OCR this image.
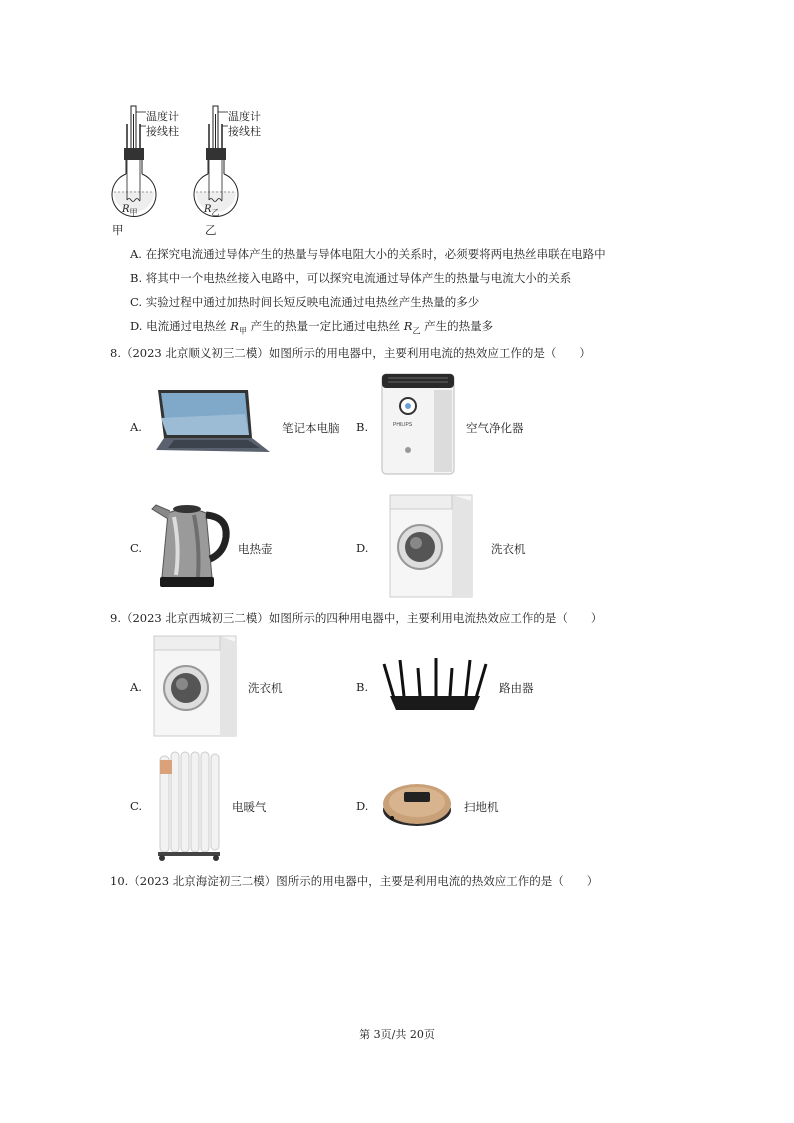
温度计
接线柱
$R_甲$
甲
温度计
接线柱
$R_乙$
乙
A. 在探究电流通过导体产生的热量与导体电阻大小的关系时，必须要将两电热丝串联在电路中
B. 将其中一个电热丝接入电路中，可以探究电流通过导体产生的热量与电流大小的关系
C. 实验过程中通过加热时间长短反映电流通过电热丝产生热量的多少
D. 电流通过电热丝 $R_甲$ 产生的热量一定比通过电热丝 $R_乙$ 产生的热量多
8.（2023 北京顺义初三二模）如图所示的用电器中，主要利用电流的热效应工作的是（　　）
A.	笔记本电脑 B.	PHILIPS	空气净化器
C.	电热壶	D.	洗衣机
9.（2023 北京西城初三二模）如图所示的四种用电器中，主要利用电流热效应工作的是（　　）
A.	洗衣机	B.	路由器
C.	电暖气	D.	扫地机
10.（2023 北京海淀初三二模）图所示的用电器中，主要是利用电流的热效应工作的是（　　）
第 3页/共 20页
